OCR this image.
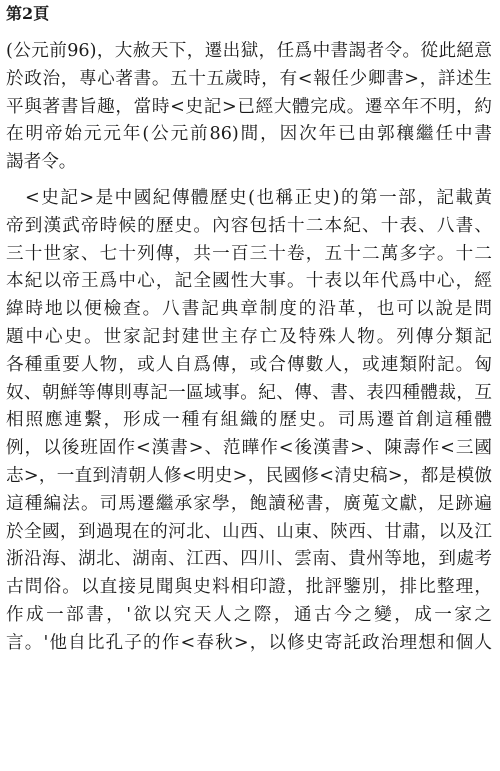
第2頁
(公元前96)，大赦天下，遷出獄，任爲中書謁者令。從此絕意
於政治，專心著書。五十五歲時，有<報任少卿書>，詳述生
平與著書旨趣，當時<史記>已經大體完成。遷卒年不明，約
在明帝始元元年(公元前86)間，因次年已由郭穰繼任中書
謁者令。
　<史記>是中國紀傳體歷史(也稱正史)的第一部，記載黃
帝到漢武帝時候的歷史。內容包括十二本紀、十表、八書、
三十世家、七十列傳，共一百三十卷，五十二萬多字。十二
本紀以帝王爲中心，記全國性大事。十表以年代爲中心，經
緯時地以便檢查。八書記典章制度的沿革，也可以說是問
題中心史。世家記封建世主存亡及特殊人物。列傳分類記
各種重要人物，或人自爲傳，或合傳數人，或連類附記。匈
奴、朝鮮等傳則專記一區域事。紀、傳、書、表四種體裁，互
相照應連繫，形成一種有組織的歷史。司馬遷首創這種體
例，以後班固作<漢書>、范曄作<後漢書>、陳壽作<三國
志>，一直到清朝人修<明史>，民國修<清史稿>，都是模倣
這種編法。司馬遷繼承家學，飽讀秘書，廣蒐文獻，足跡遍
於全國，到過現在的河北、山西、山東、陝西、甘肅，以及江
浙沿海、湖北、湖南、江西、四川、雲南、貴州等地，到處考
古問俗。以直接見聞與史料相印證，批評鑒別，排比整理，
作成一部書，'欲以究天人之際，通古今之變，成一家之
言。'他自比孔子的作<春秋>，以修史寄託政治理想和個人
